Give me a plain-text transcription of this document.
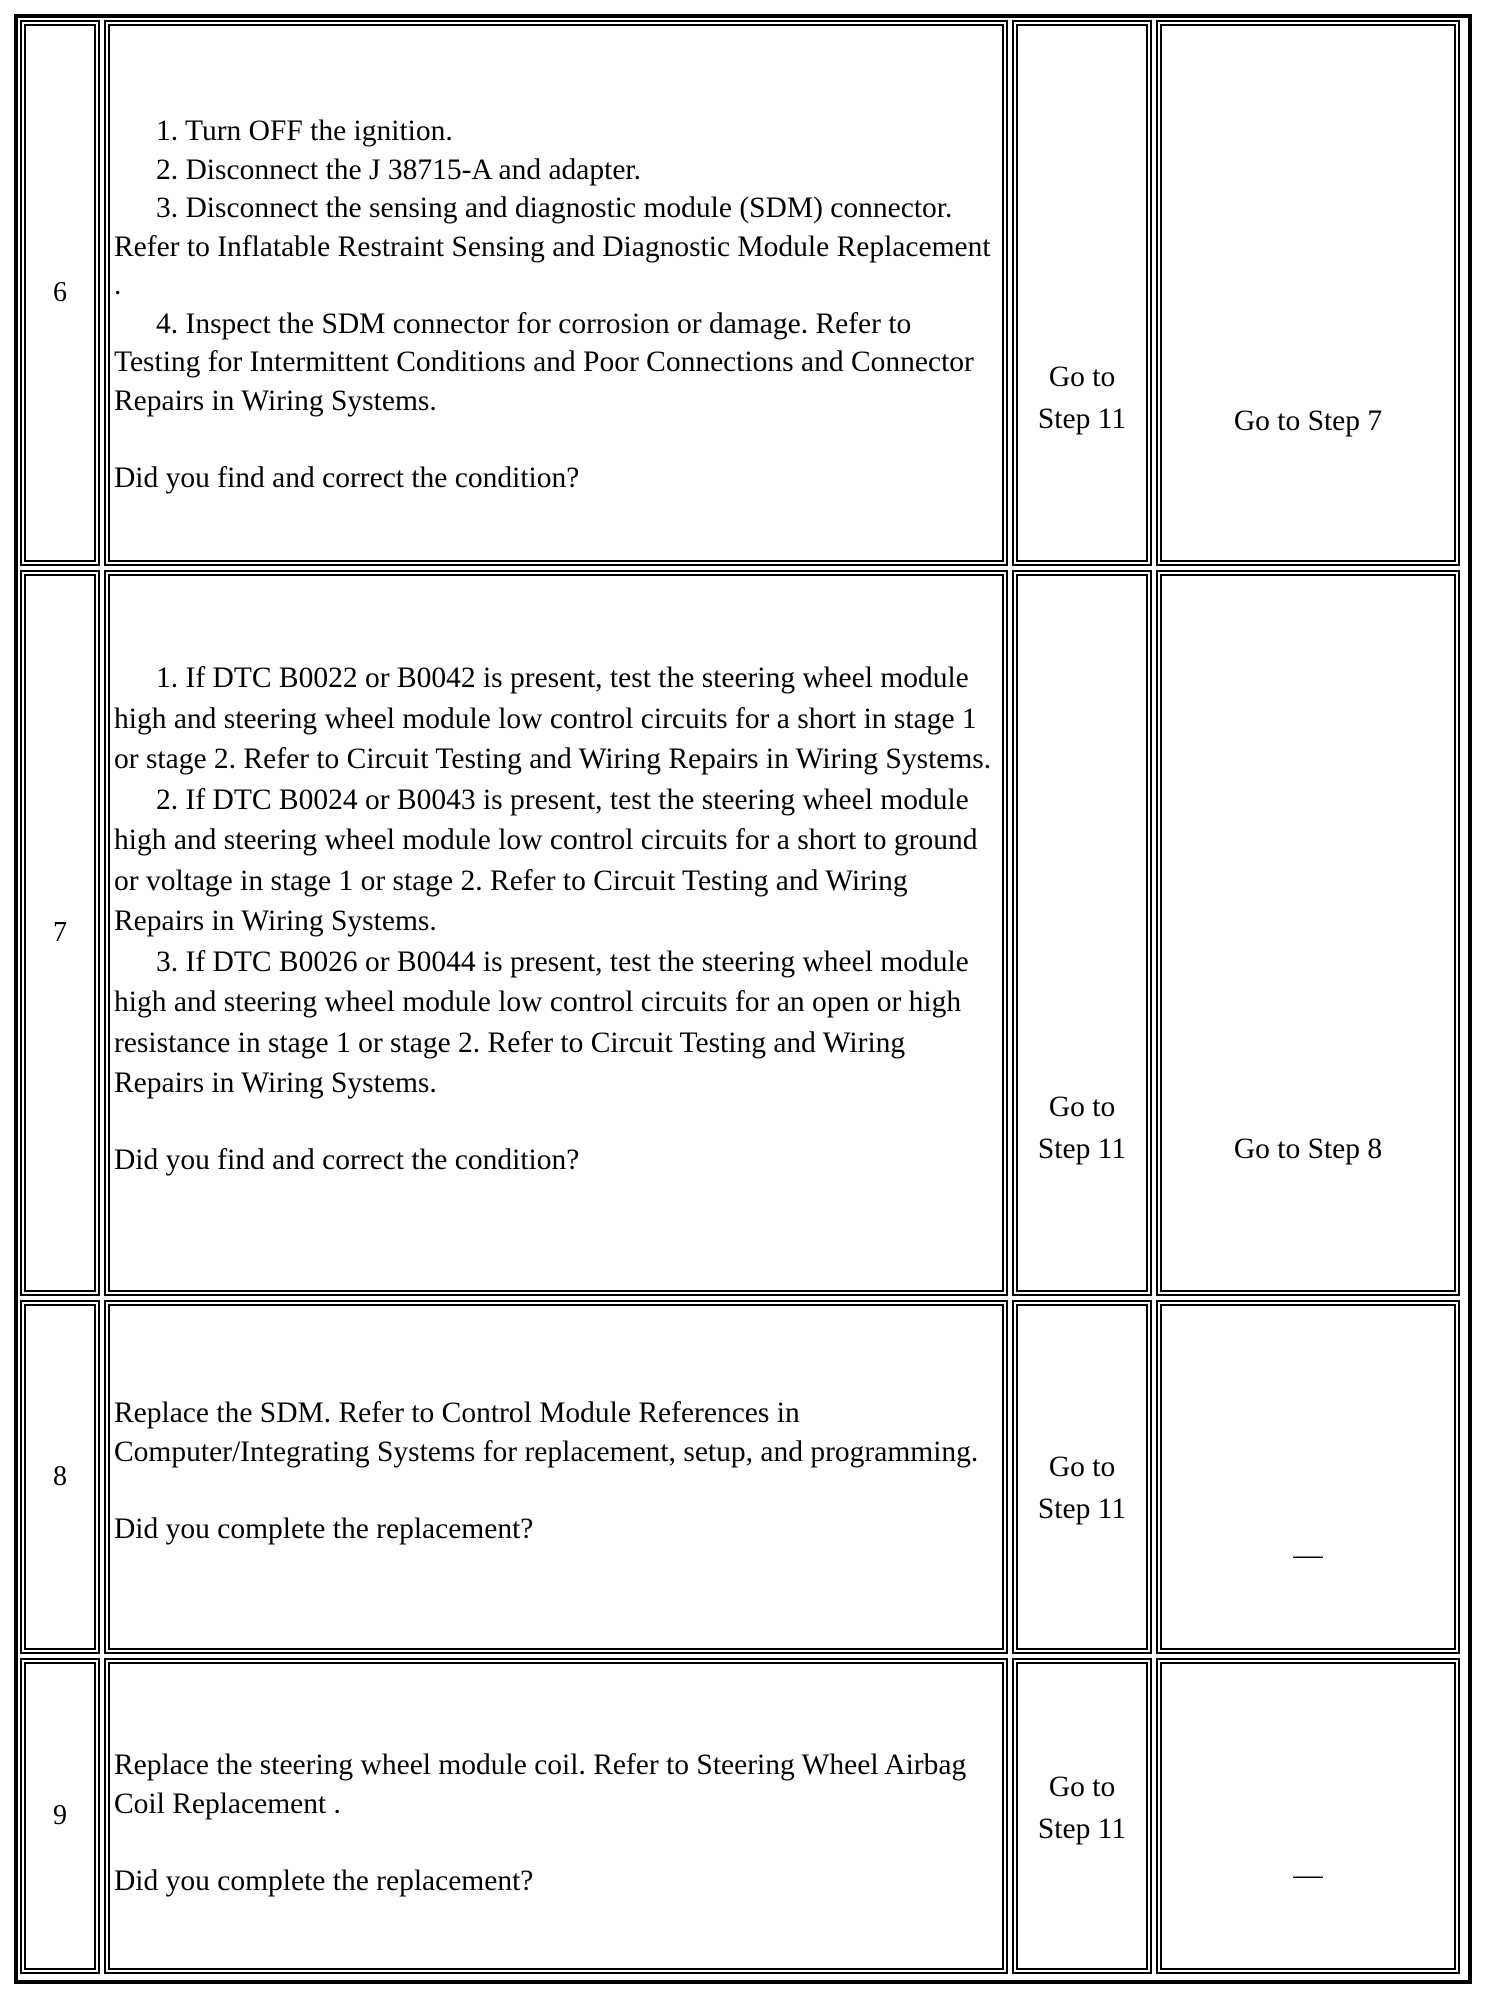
6
1. Turn OFF the ignition.
2. Disconnect the J 38715-A and adapter.
3. Disconnect the sensing and diagnostic module (SDM) connector. Refer to Inflatable Restraint Sensing and Diagnostic Module Replacement .
4. Inspect the SDM connector for corrosion or damage. Refer to Testing for Intermittent Conditions and Poor Connections and Connector Repairs in Wiring Systems.
Did you find and correct the condition?
Go to
Step 11	Go to Step 7
7
1. If DTC B0022 or B0042 is present, test the steering wheel module high and steering wheel module low control circuits for a short in stage 1 or stage 2. Refer to Circuit Testing and Wiring Repairs in Wiring Systems.
2. If DTC B0024 or B0043 is present, test the steering wheel module high and steering wheel module low control circuits for a short to ground or voltage in stage 1 or stage 2. Refer to Circuit Testing and Wiring Repairs in Wiring Systems.
3. If DTC B0026 or B0044 is present, test the steering wheel module high and steering wheel module low control circuits for an open or high resistance in stage 1 or stage 2. Refer to Circuit Testing and Wiring Repairs in Wiring Systems.
Did you find and correct the condition?
Go to
Step 11	Go to Step 8
8
Replace the SDM. Refer to Control Module References in Computer/Integrating Systems for replacement, setup, and programming.
Did you complete the replacement?
Go to
Step 11
—
9
Replace the steering wheel module coil. Refer to Steering Wheel Airbag Coil Replacement .
Did you complete the replacement?
Go to
Step 11
—
